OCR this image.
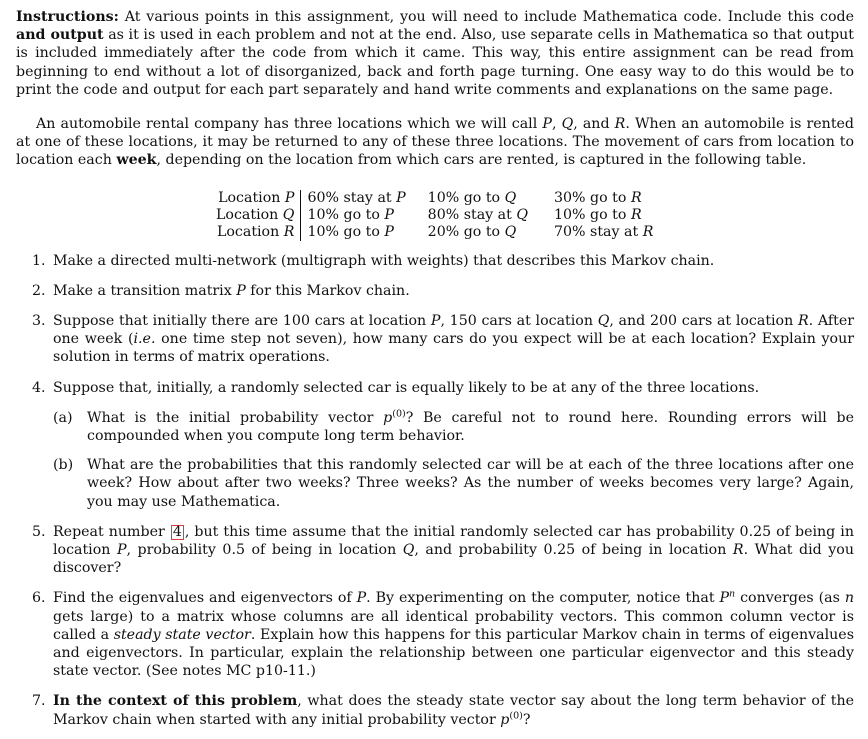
Instructions: At various points in this assignment, you will need to include Mathematica code. Include this code and output as it is used in each problem and not at the end. Also, use separate cells in Mathematica so that output is included immediately after the code from which it came. This way, this entire assignment can be read from beginning to end without a lot of disorganized, back and forth page turning. One easy way to do this would be to print the code and output for each part separately and hand write comments and explanations on the same page.

An automobile rental company has three locations which we will call P, Q, and R. When an automobile is rented at one of these locations, it may be returned to any of these three locations. The movement of cars from location to location each week, depending on the location from which cars are rented, is captured in the following table.

Location P	60% stay at P	10% go to Q	30% go to R
Location Q	10% go to P	80% stay at Q	10% go to R
Location R	10% go to P	20% go to Q	70% stay at R
1. Make a directed multi-network (multigraph with weights) that describes this Markov chain.
2. Make a transition matrix P for this Markov chain.
3. Suppose that initially there are 100 cars at location P, 150 cars at location Q, and 200 cars at location R. After one week (i.e. one time step not seven), how many cars do you expect will be at each location? Explain your solution in terms of matrix operations.
4. Suppose that, initially, a randomly selected car is equally likely to be at any of the three locations.
(a) What is the initial probability vector $p^{(0)}$? Be careful not to round here. Rounding errors will be compounded when you compute long term behavior.
(b) What are the probabilities that this randomly selected car will be at each of the three locations after one week? How about after two weeks? Three weeks? As the number of weeks becomes very large? Again, you may use Mathematica.
5. Repeat number 4 , but this time assume that the initial randomly selected car has probability 0.25 of being in location P, probability 0.5 of being in location Q, and probability 0.25 of being in location R. What did you discover?
6. Find the eigenvalues and eigenvectors of P. By experimenting on the computer, notice that $P^n$ converges (as n gets large) to a matrix whose columns are all identical probability vectors. This common column vector is called a steady state vector. Explain how this happens for this particular Markov chain in terms of eigenvalues and eigenvectors. In particular, explain the relationship between one particular eigenvector and this steady state vector. (See notes MC p10-11.)
7. In the context of this problem, what does the steady state vector say about the long term behavior of the Markov chain when started with any initial probability vector $p^{(0)}$?
